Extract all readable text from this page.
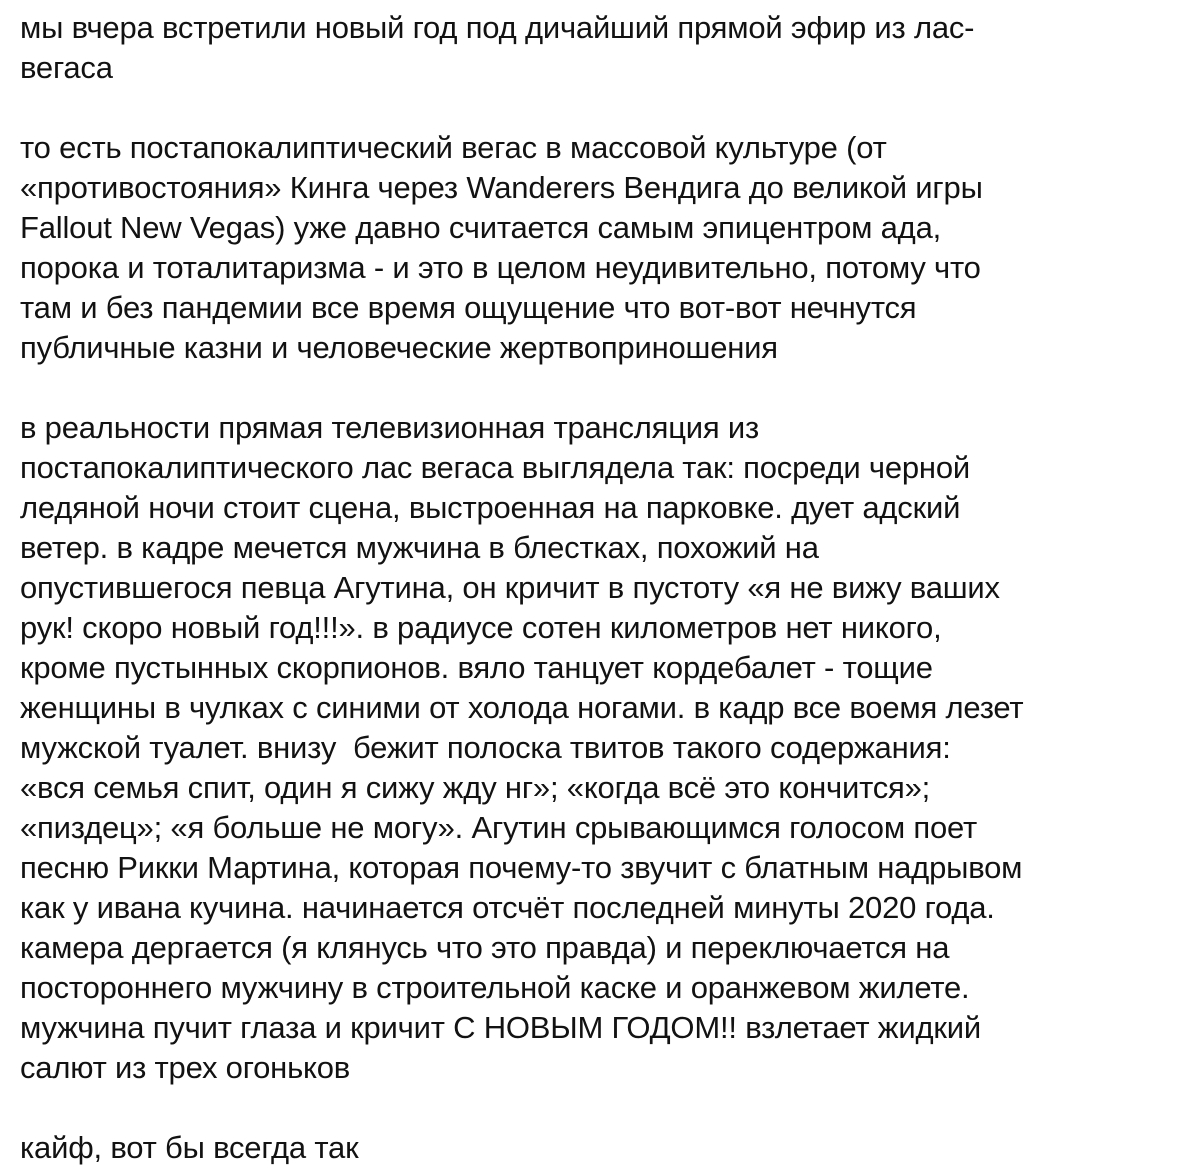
мы вчера встретили новый год под дичайший прямой эфир из лас-
вегаса
то есть постапокалиптический вегас в массовой культуре (от
«противостояния» Кинга через Wanderers Вендига до великой игры
Fallout New Vegas) уже давно считается самым эпицентром ада,
порока и тоталитаризма - и это в целом неудивительно, потому что
там и без пандемии все время ощущение что вот-вот нечнутся
публичные казни и человеческие жертвоприношения
в реальности прямая телевизионная трансляция из
постапокалиптического лас вегаса выглядела так: посреди черной
ледяной ночи стоит сцена, выстроенная на парковке. дует адский
ветер. в кадре мечется мужчина в блестках, похожий на
опустившегося певца Агутина, он кричит в пустоту «я не вижу ваших
рук! скоро новый год!!!». в радиусе сотен километров нет никого,
кроме пустынных скорпионов. вяло танцует кордебалет - тощие
женщины в чулках с синими от холода ногами. в кадр все воемя лезет
мужской туалет. внизу  бежит полоска твитов такого содержания:
«вся семья спит, один я сижу жду нг»; «когда всё это кончится»;
«пиздец»; «я больше не могу». Агутин срывающимся голосом поет
песню Рикки Мартина, которая почему-то звучит с блатным надрывом
как у ивана кучина. начинается отсчёт последней минуты 2020 года.
камера дергается (я клянусь что это правда) и переключается на
постороннего мужчину в строительной каске и оранжевом жилете.
мужчина пучит глаза и кричит С НОВЫМ ГОДОМ!! взлетает жидкий
салют из трех огоньков
кайф, вот бы всегда так
